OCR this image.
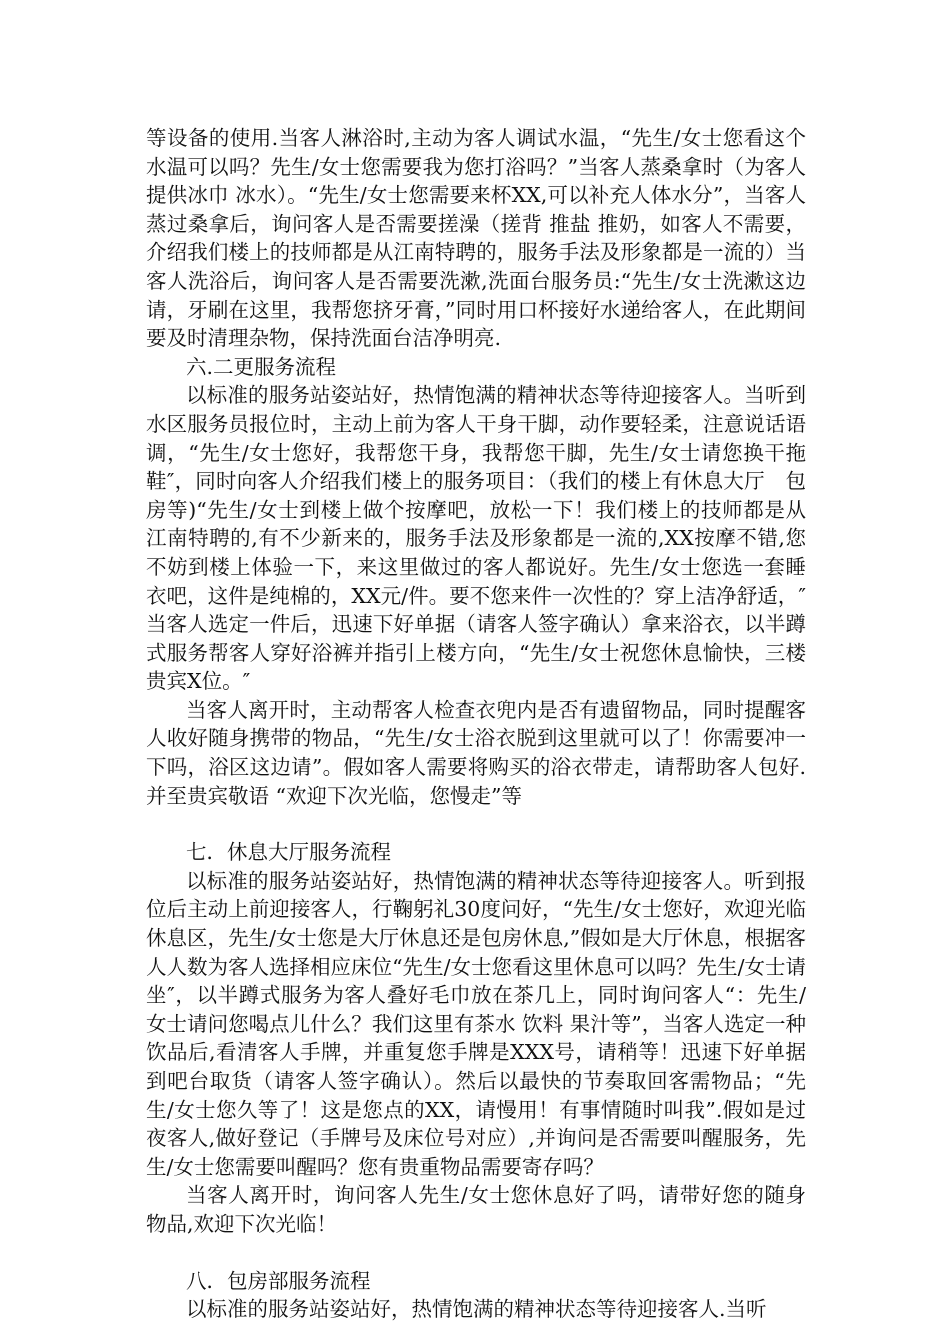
等设备的使用.当客人淋浴时,主动为客人调试水温，“先生/女士您看这个水温可以吗？先生/女士您需要我为您打浴吗？”当客人蒸桑拿时（为客人提供冰巾 冰水）。“先生/女士您需要来杯XX,可以补充人体水分”，当客人蒸过桑拿后，询问客人是否需要搓澡（搓背 推盐 推奶，如客人不需要，介绍我们楼上的技师都是从江南特聘的，服务手法及形象都是一流的）当客人洗浴后，询问客人是否需要洗漱,洗面台服务员:“先生/女士洗漱这边请，牙刷在这里，我帮您挤牙膏，”同时用口杯接好水递给客人，在此期间要及时清理杂物，保持洗面台洁净明亮.

六.二更服务流程

以标准的服务站姿站好，热情饱满的精神状态等待迎接客人。当听到水区服务员报位时，主动上前为客人干身干脚，动作要轻柔，注意说话语调，“先生/女士您好，我帮您干身，我帮您干脚，先生/女士请您换干拖鞋″，同时向客人介绍我们楼上的服务项目：（我们的楼上有休息大厅　包房等)“先生/女士到楼上做个按摩吧，放松一下！我们楼上的技师都是从江南特聘的,有不少新来的，服务手法及形象都是一流的,XX按摩不错,您不妨到楼上体验一下，来这里做过的客人都说好。先生/女士您选一套睡衣吧，这件是纯棉的，XX元/件。要不您来件一次性的？穿上洁净舒适，″当客人选定一件后，迅速下好单据（请客人签字确认）拿来浴衣，以半蹲式服务帮客人穿好浴裤并指引上楼方向，“先生/女士祝您休息愉快，三楼贵宾X位。″

当客人离开时，主动帮客人检查衣兜内是否有遗留物品，同时提醒客人收好随身携带的物品，“先生/女士浴衣脱到这里就可以了！你需要冲一下吗，浴区这边请”。假如客人需要将购买的浴衣带走，请帮助客人包好.并至贵宾敬语 “欢迎下次光临，您慢走”等

七．休息大厅服务流程

以标准的服务站姿站好，热情饱满的精神状态等待迎接客人。听到报位后主动上前迎接客人，行鞠躬礼30度问好，“先生/女士您好，欢迎光临休息区，先生/女士您是大厅休息还是包房休息,”假如是大厅休息，根据客人人数为客人选择相应床位“先生/女士您看这里休息可以吗？先生/女士请坐″，以半蹲式服务为客人叠好毛巾放在茶几上，同时询问客人“：先生/女士请问您喝点儿什么？我们这里有茶水 饮料 果汁等”，当客人选定一种饮品后,看清客人手牌，并重复您手牌是XXX号，请稍等！迅速下好单据到吧台取货（请客人签字确认）。然后以最快的节奏取回客需物品；“先生/女士您久等了！这是您点的XX，请慢用！有事情随时叫我”.假如是过夜客人,做好登记（手牌号及床位号对应）,并询问是否需要叫醒服务，先生/女士您需要叫醒吗？您有贵重物品需要寄存吗？

当客人离开时，询问客人先生/女士您休息好了吗，请带好您的随身物品,欢迎下次光临！

八．包房部服务流程

以标准的服务站姿站好，热情饱满的精神状态等待迎接客人.当听
